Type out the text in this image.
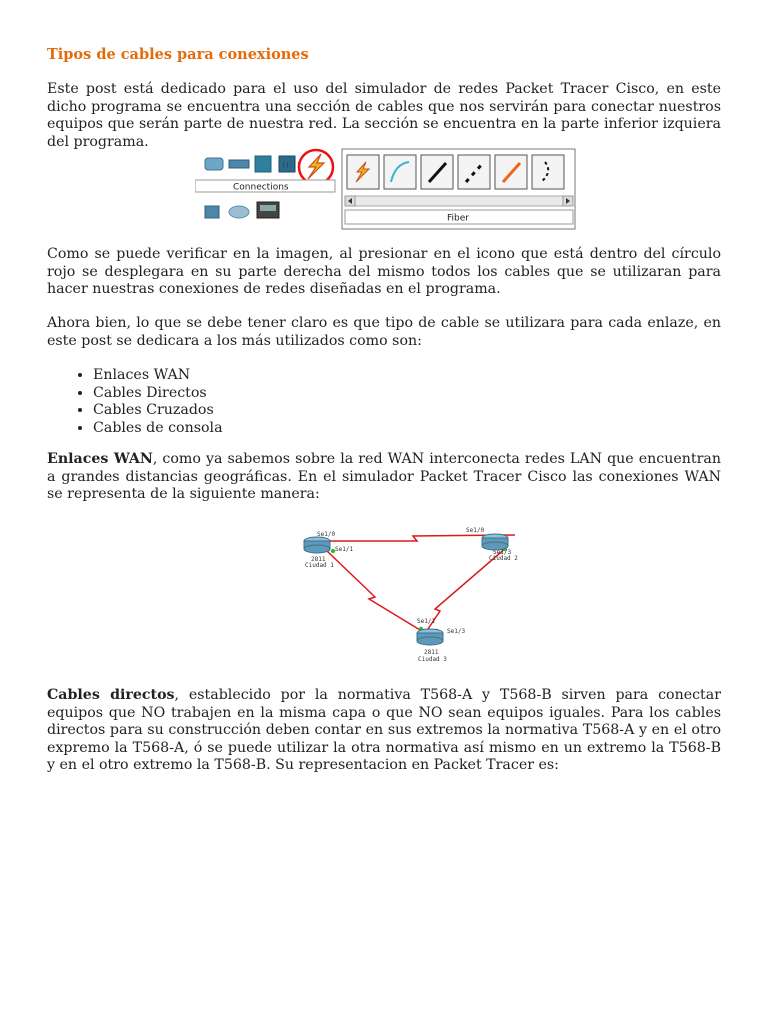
Tipos de cables para conexiones

Este post está dedicado para el uso del simulador de redes Packet Tracer Cisco, en este dicho programa se encuentra una sección de cables que nos servirán para conectar nuestros equipos que serán parte de nuestra red. La sección se encuentra en la parte inferior izquiera del programa.

((·))
Connections
Fiber

Como se puede verificar en la imagen, al presionar en el icono que está dentro del círculo rojo se desplegara en su parte derecha del mismo todos los cables que se utilizaran para hacer nuestras conexiones de redes diseñadas en el programa.

Ahora bien, lo que se debe tener claro es que tipo de cable se utilizara para cada enlaze, en este post se dedicara a los más utilizados como son:

• Enlaces WAN
• Cables Directos
• Cables Cruzados
• Cables de consola

Enlaces WAN, como ya sabemos sobre la red WAN interconecta redes LAN que encuentran a grandes distancias geográficas. En el simulador Packet Tracer Cisco las conexiones WAN se representa de la siguiente manera:

Se1/0
Se1/1
2811
Ciudad 1
Se1/0
Se1/3
Ciudad 2
Se1/1
Se1/3
2811
Ciudad 3

Cables directos, establecido por la normativa T568-A y T568-B sirven para conectar equipos que NO trabajen en la misma capa o que NO sean equipos iguales. Para los cables directos para su construcción deben contar en sus extremos la normativa T568-A y en el otro expremo la T568-A, ó se puede utilizar la otra normativa así mismo en un extremo la T568-B y en el otro extremo la T568-B. Su representacion en Packet Tracer es:
